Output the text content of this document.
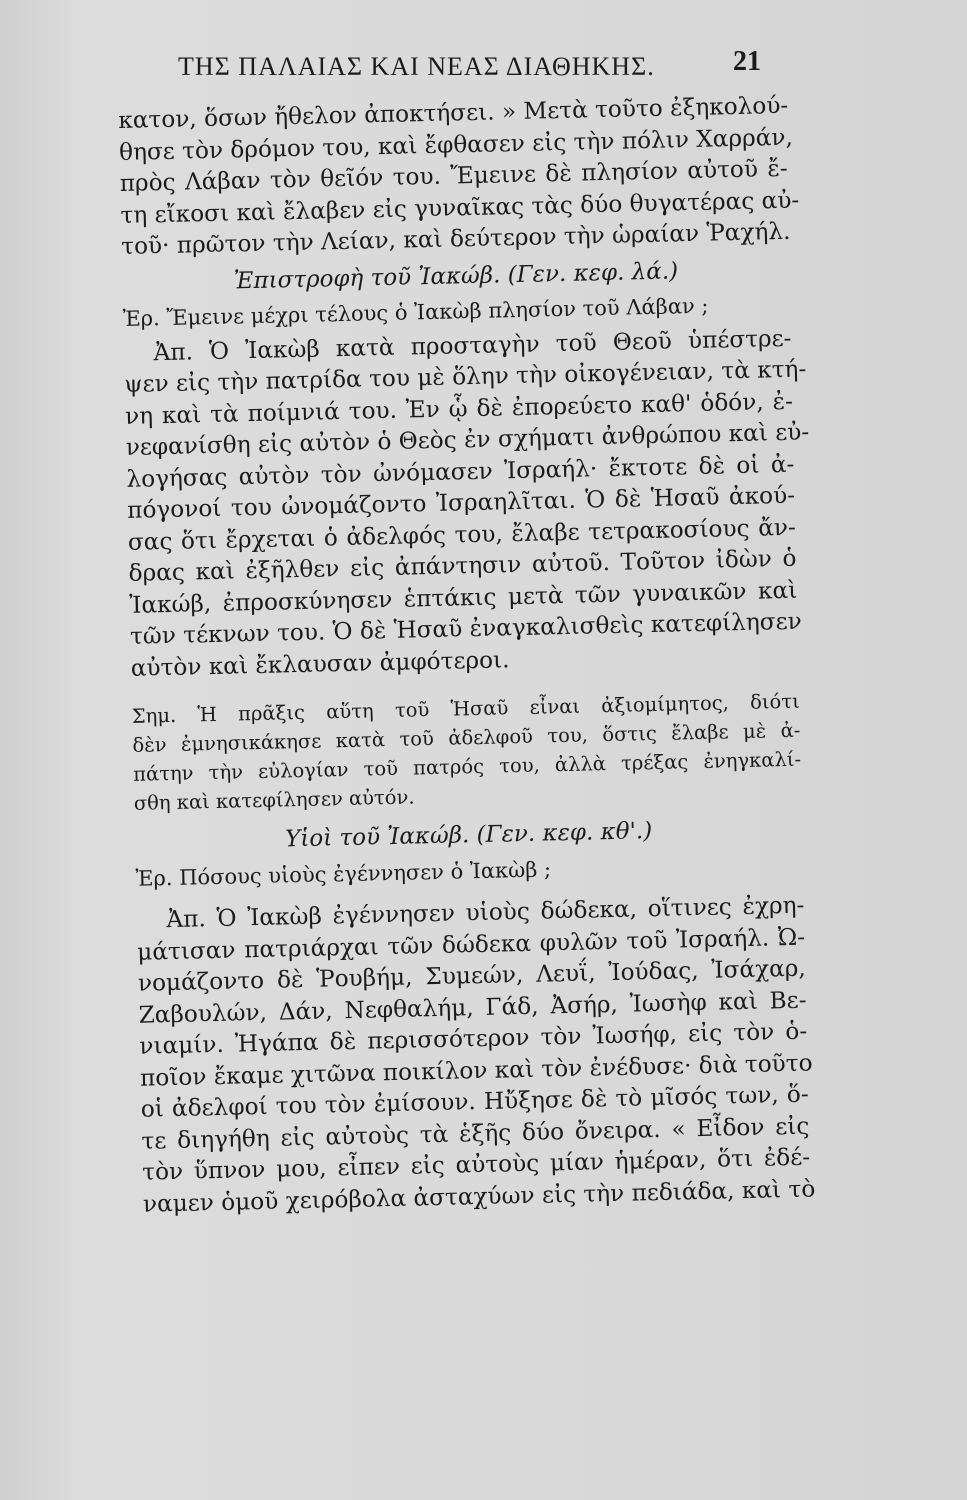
ΤΗΣ ΠΑΛΑΙΑΣ ΚΑΙ ΝΕΑΣ ΔΙΑΘΗΚΗΣ.	21
κατον, ὅσων ἤθελον ἀποκτήσει. » Μετὰ τοῦτο ἐξηκολού-
θησε τὸν δρόμον του, καὶ ἔφθασεν εἰς τὴν πόλιν Χαρράν,
πρὸς Λάβαν τὸν θεῖόν του. Ἔμεινε δὲ πλησίον αὐτοῦ ἔ-
τη εἴκοσι καὶ ἔλαβεν εἰς γυναῖκας τὰς δύο θυγατέρας αὐ-
τοῦ· πρῶτον τὴν Λείαν, καὶ δεύτερον τὴν ὡραίαν Ῥαχήλ.
Ἐπιστροφὴ τοῦ Ἰακώβ. (Γεν. κεφ. λά.)
Ἐρ. Ἔμεινε μέχρι τέλους ὁ Ἰακὼβ πλησίον τοῦ Λάβαν ;
Ἀπ. Ὁ Ἰακὼβ κατὰ προσταγὴν τοῦ Θεοῦ ὑπέστρε-
ψεν εἰς τὴν πατρίδα του μὲ ὅλην τὴν οἰκογένειαν, τὰ κτή-
νη καὶ τὰ ποίμνιά του. Ἐν ᾧ δὲ ἐπορεύετο καθ' ὁδόν, ἐ-
νεφανίσθη εἰς αὐτὸν ὁ Θεὸς ἐν σχήματι ἀνθρώπου καὶ εὐ-
λογήσας αὐτὸν τὸν ὠνόμασεν Ἰσραήλ· ἔκτοτε δὲ οἱ ἀ-
πόγονοί του ὠνομάζοντο Ἰσραηλῖται. Ὁ δὲ Ἡσαῦ ἀκού-
σας ὅτι ἔρχεται ὁ ἀδελφός του, ἔλαβε τετρακοσίους ἄν-
δρας καὶ ἐξῆλθεν εἰς ἀπάντησιν αὐτοῦ. Τοῦτον ἰδὼν ὁ
Ἰακώβ, ἐπροσκύνησεν ἑπτάκις μετὰ τῶν γυναικῶν καὶ
τῶν τέκνων του. Ὁ δὲ Ἡσαῦ ἐναγκαλισθεὶς κατεφίλησεν
αὐτὸν καὶ ἔκλαυσαν ἀμφότεροι.
Σημ. Ἡ πρᾶξις αὕτη τοῦ Ἡσαῦ εἶναι ἀξιομίμητος, διότι
δὲν ἐμνησικάκησε κατὰ τοῦ ἀδελφοῦ του, ὅστις ἔλαβε μὲ ἀ-
πάτην τὴν εὐλογίαν τοῦ πατρός του, ἀλλὰ τρέξας ἐνηγκαλί-
σθη καὶ κατεφίλησεν αὐτόν.
Υἱοὶ τοῦ Ἰακώβ. (Γεν. κεφ. κθ'.)
Ἐρ. Πόσους υἱοὺς ἐγέννησεν ὁ Ἰακὼβ ;
Ἀπ. Ὁ Ἰακὼβ ἐγέννησεν υἱοὺς δώδεκα, οἵτινες ἐχρη-
μάτισαν πατριάρχαι τῶν δώδεκα φυλῶν τοῦ Ἰσραήλ. Ὠ-
νομάζοντο δὲ Ῥουβήμ, Συμεών, Λευΐ, Ἰούδας, Ἰσάχαρ,
Ζαβουλών, Δάν, Νεφθαλήμ, Γάδ, Ἀσήρ, Ἰωσὴφ καὶ Βε-
νιαμίν. Ἠγάπα δὲ περισσότερον τὸν Ἰωσήφ, εἰς τὸν ὁ-
ποῖον ἔκαμε χιτῶνα ποικίλον καὶ τὸν ἐνέδυσε· διὰ τοῦτο
οἱ ἀδελφοί του τὸν ἐμίσουν. Ηὔξησε δὲ τὸ μῖσός των, ὅ-
τε διηγήθη εἰς αὐτοὺς τὰ ἑξῆς δύο ὄνειρα. « Εἶδον εἰς
τὸν ὕπνον μου, εἶπεν εἰς αὐτοὺς μίαν ἡμέραν, ὅτι ἐδέ-
ναμεν ὁμοῦ χειρόβολα ἀσταχύων εἰς τὴν πεδιάδα, καὶ τὸ
